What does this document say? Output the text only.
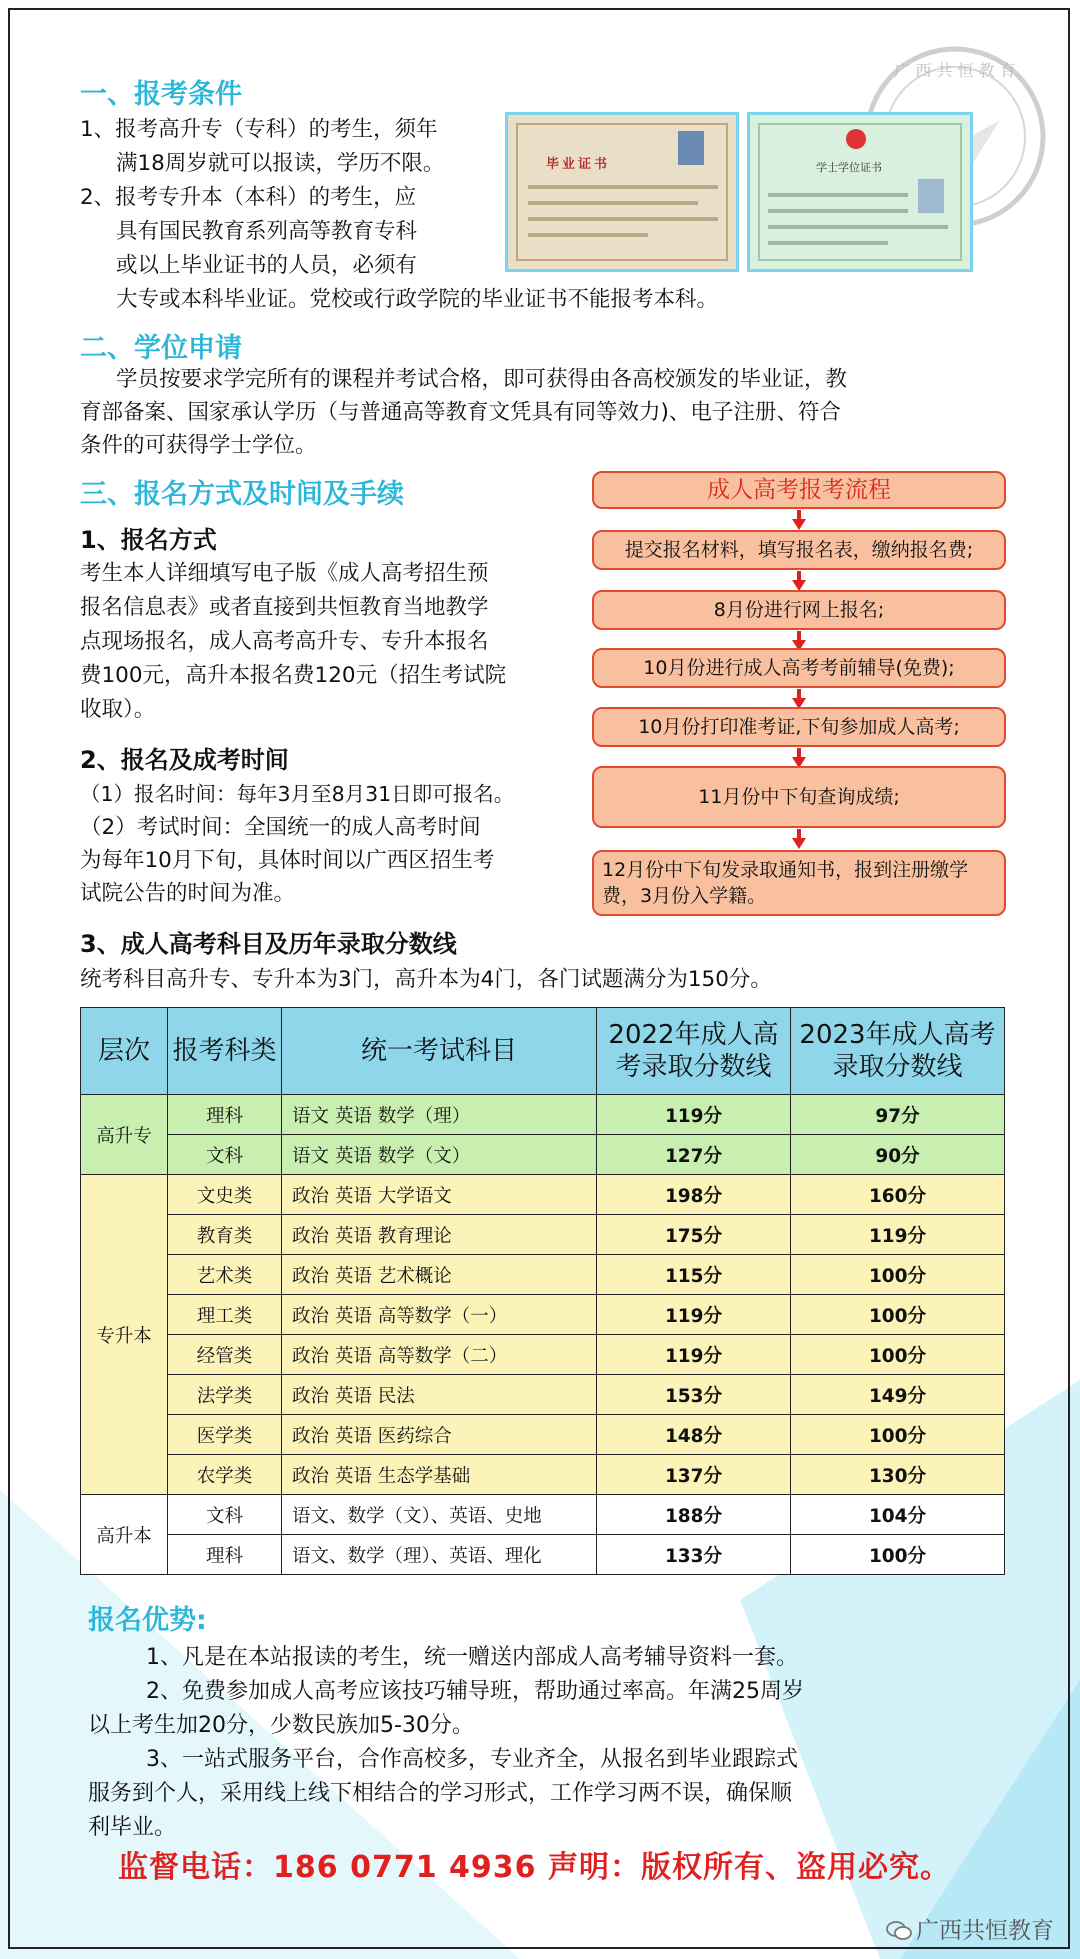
广 西 共 恒 教 育
一、报考条件
1、报考高升专（专科）的考生，须年
满18周岁就可以报读，学历不限。
2、报考专升本（本科）的考生，应
具有国民教育系列高等教育专科
或以上毕业证书的人员，必须有
大专或本科毕业证。党校或行政学院的毕业证书不能报考本科。
毕业证书	学士学位证书
二、学位申请
学员按要求学完所有的课程并考试合格，即可获得由各高校颁发的毕业证，教
育部备案、国家承认学历（与普通高等教育文凭具有同等效力)、电子注册、符合
条件的可获得学士学位。
三、报名方式及时间及手续
1、报名方式
考生本人详细填写电子版《成人高考招生预
报名信息表》或者直接到共恒教育当地教学
点现场报名，成人高考高升专、专升本报名
费100元，高升本报名费120元（招生考试院
收取）。
2、报名及成考时间
（1）报名时间：每年3月至8月31日即可报名。
（2）考试时间：全国统一的成人高考时间
为每年10月下旬，具体时间以广西区招生考
试院公告的时间为准。
3、成人高考科目及历年录取分数线
统考科目高升专、专升本为3门，高升本为4门，各门试题满分为150分。
成人高考报考流程
提交报名材料，填写报名表，缴纳报名费;
8月份进行网上报名;
10月份进行成人高考考前辅导(免费);
10月份打印准考证,下旬参加成人高考;
11月份中下旬查询成绩;
12月份中下旬发录取通知书，报到注册缴学费，3月份入学籍。
层次	报考科类	统一考试科目	2022年成人高考录取分数线	2023年成人高考录取分数线
高升专	理科	语文 英语 数学（理）	119分	97分
	文科	语文 英语 数学（文）	127分	90分
专升本	文史类	政治 英语 大学语文	198分	160分
	教育类	政治 英语 教育理论	175分	119分
	艺术类	政治 英语 艺术概论	115分	100分
	理工类	政治 英语 高等数学（一）	119分	100分
	经管类	政治 英语 高等数学（二）	119分	100分
	法学类	政治 英语 民法	153分	149分
	医学类	政治 英语 医药综合	148分	100分
	农学类	政治 英语 生态学基础	137分	130分
高升本	文科	语文、数学（文）、英语、史地	188分	104分
	理科	语文、数学（理）、英语、理化	133分	100分
报名优势:
1、凡是在本站报读的考生，统一赠送内部成人高考辅导资料一套。
2、免费参加成人高考应该技巧辅导班，帮助通过率高。年满25周岁
以上考生加20分，少数民族加5-30分。
3、一站式服务平台，合作高校多，专业齐全，从报名到毕业跟踪式
服务到个人，采用线上线下相结合的学习形式，工作学习两不误，确保顺
利毕业。
监督电话：186 0771 4936 声明：版权所有、盗用必究。
广西共恒教育
